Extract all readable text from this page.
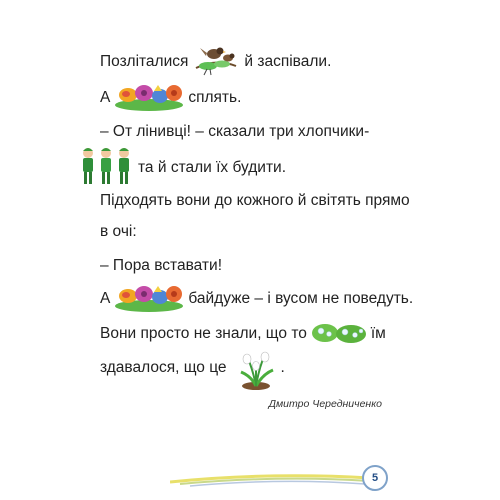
Позліталися	й заспівали.
А	сплять.
– От лінивці! – сказали три хлопчики-
та й стали їх будити.
Підходять вони до кожного й світять прямо
в очі:
– Пора вставати!
А	байдуже – і вусом не поведуть.
Вони просто не знали, що то	їм
здавалося, що це	.
Дмитро Чередниченко
5
